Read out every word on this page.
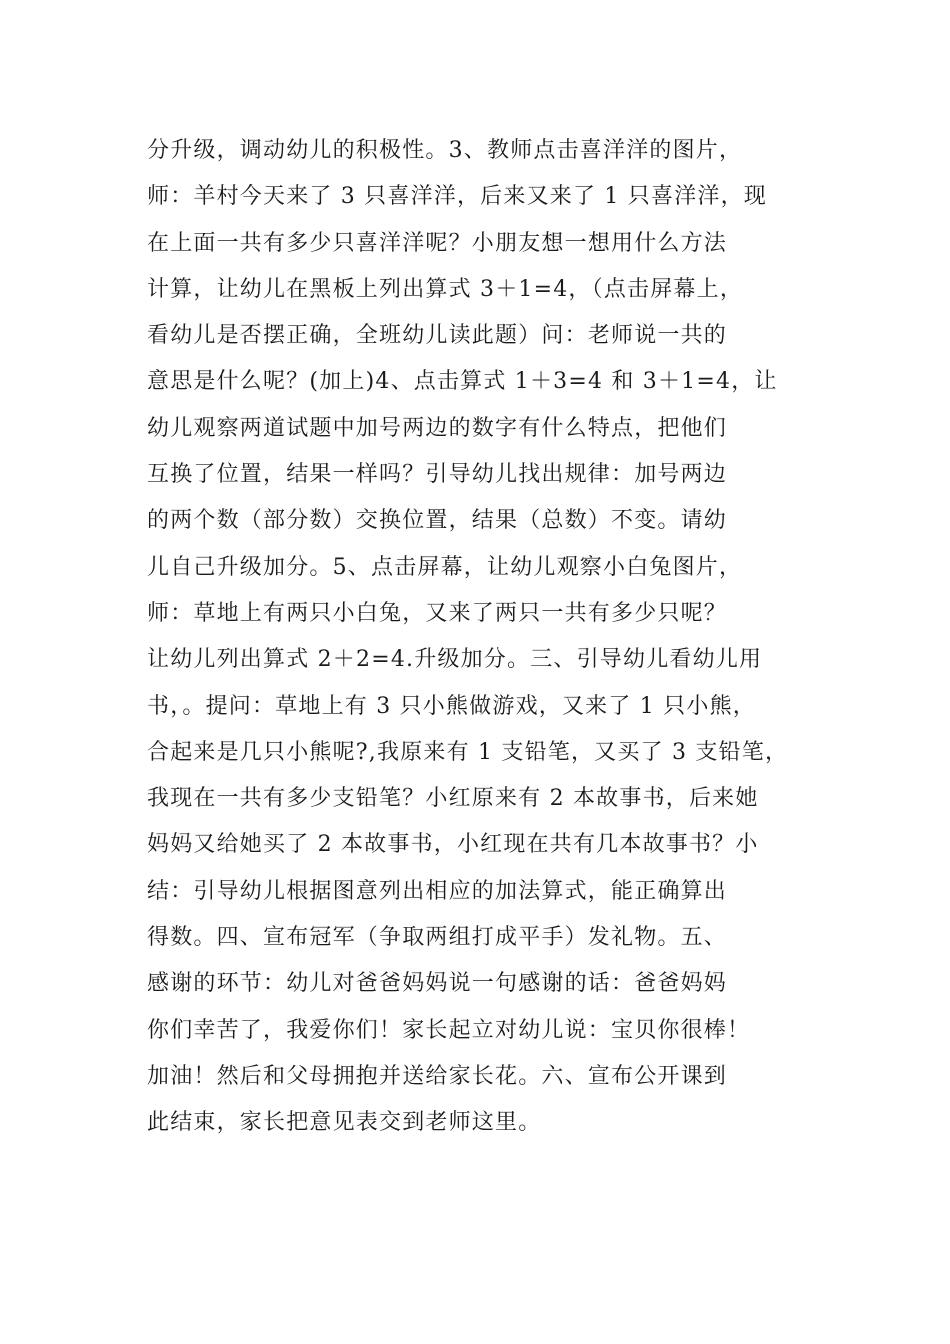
分升级，调动幼儿的积极性。3、教师点击喜洋洋的图片，
师：羊村今天来了 3 只喜洋洋，后来又来了 1 只喜洋洋，现
在上面一共有多少只喜洋洋呢？小朋友想一想用什么方法
计算，让幼儿在黑板上列出算式 3＋1=4，（点击屏幕上，
看幼儿是否摆正确，全班幼儿读此题）问：老师说一共的
意思是什么呢？(加上)4、点击算式 1＋3=4 和 3＋1=4，让
幼儿观察两道试题中加号两边的数字有什么特点，把他们
互换了位置，结果一样吗？引导幼儿找出规律：加号两边
的两个数（部分数）交换位置，结果（总数）不变。请幼
儿自己升级加分。5、点击屏幕，让幼儿观察小白兔图片，
师：草地上有两只小白兔，又来了两只一共有多少只呢？
让幼儿列出算式 2＋2=4.升级加分。三、引导幼儿看幼儿用
书，。提问：草地上有 3 只小熊做游戏，又来了 1 只小熊，
合起来是几只小熊呢?,我原来有 1 支铅笔，又买了 3 支铅笔，
我现在一共有多少支铅笔？小红原来有 2 本故事书，后来她
妈妈又给她买了 2 本故事书，小红现在共有几本故事书？小
结：引导幼儿根据图意列出相应的加法算式，能正确算出
得数。四、宣布冠军（争取两组打成平手）发礼物。五、
感谢的环节：幼儿对爸爸妈妈说一句感谢的话：爸爸妈妈
你们幸苦了，我爱你们！家长起立对幼儿说：宝贝你很棒！
加油！然后和父母拥抱并送给家长花。六、宣布公开课到
此结束，家长把意见表交到老师这里。
